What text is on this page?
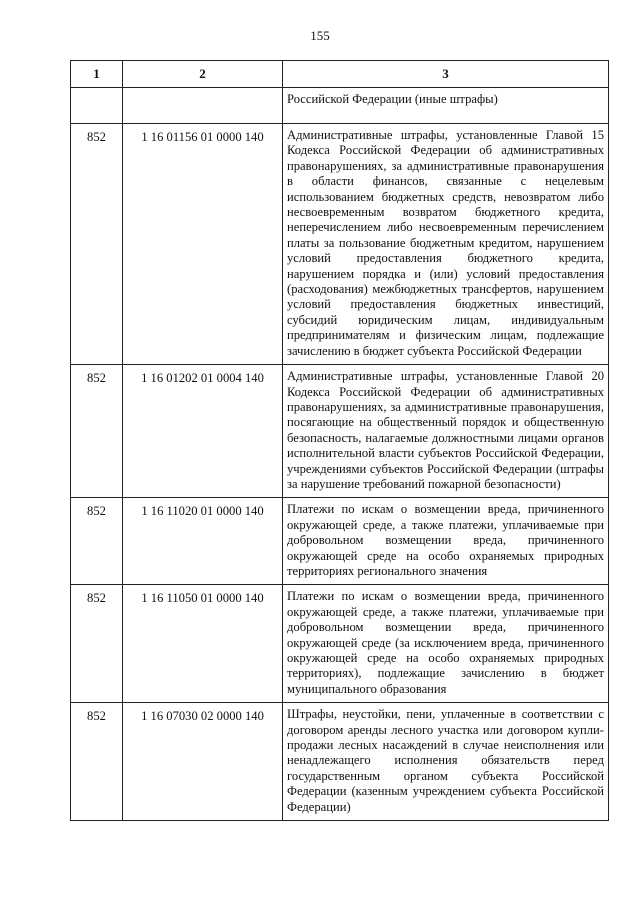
155
1	2	3
		Российской Федерации (иные штрафы)
852	1 16 01156 01 0000 140	Административные штрафы, установленные Главой 15 Кодекса Российской Федерации об административных правонарушениях, за административные правонарушения в области финансов, связанные с нецелевым использованием бюджетных средств, невозвратом либо несвоевременным возвратом бюджетного кредита, неперечислением либо несвоевременным перечислением платы за пользование бюджетным кредитом, нарушением условий предоставления бюджетного кредита, нарушением порядка и (или) условий предоставления (расходования) межбюджетных трансфертов, нарушением условий предоставления бюджетных инвестиций, субсидий юридическим лицам, индивидуальным предпринимателям и физическим лицам, подлежащие зачислению в бюджет субъекта Российской Федерации
852	1 16 01202 01 0004 140	Административные штрафы, установленные Главой 20 Кодекса Российской Федерации об административных правонарушениях, за административные правонарушения, посягающие на общественный порядок и общественную безопасность, налагаемые должностными лицами органов исполнительной власти субъектов Российской Федерации, учреждениями субъектов Российской Федерации (штрафы за нарушение требований пожарной безопасности)
852	1 16 11020 01 0000 140	Платежи по искам о возмещении вреда, причиненного окружающей среде, а также платежи, уплачиваемые при добровольном возмещении вреда, причиненного окружающей среде на особо охраняемых природных территориях регионального значения
852	1 16 11050 01 0000 140	Платежи по искам о возмещении вреда, причиненного окружающей среде, а также платежи, уплачиваемые при добровольном возмещении вреда, причиненного окружающей среде (за исключением вреда, причиненного окружающей среде на особо охраняемых природных территориях), подлежащие зачислению в бюджет муниципального образования
852	1 16 07030 02 0000 140	Штрафы, неустойки, пени, уплаченные в соответствии с договором аренды лесного участка или договором купли-продажи лесных насаждений в случае неисполнения или ненадлежащего исполнения обязательств перед государственным органом субъекта Российской Федерации (казенным учреждением субъекта Российской Федерации)
